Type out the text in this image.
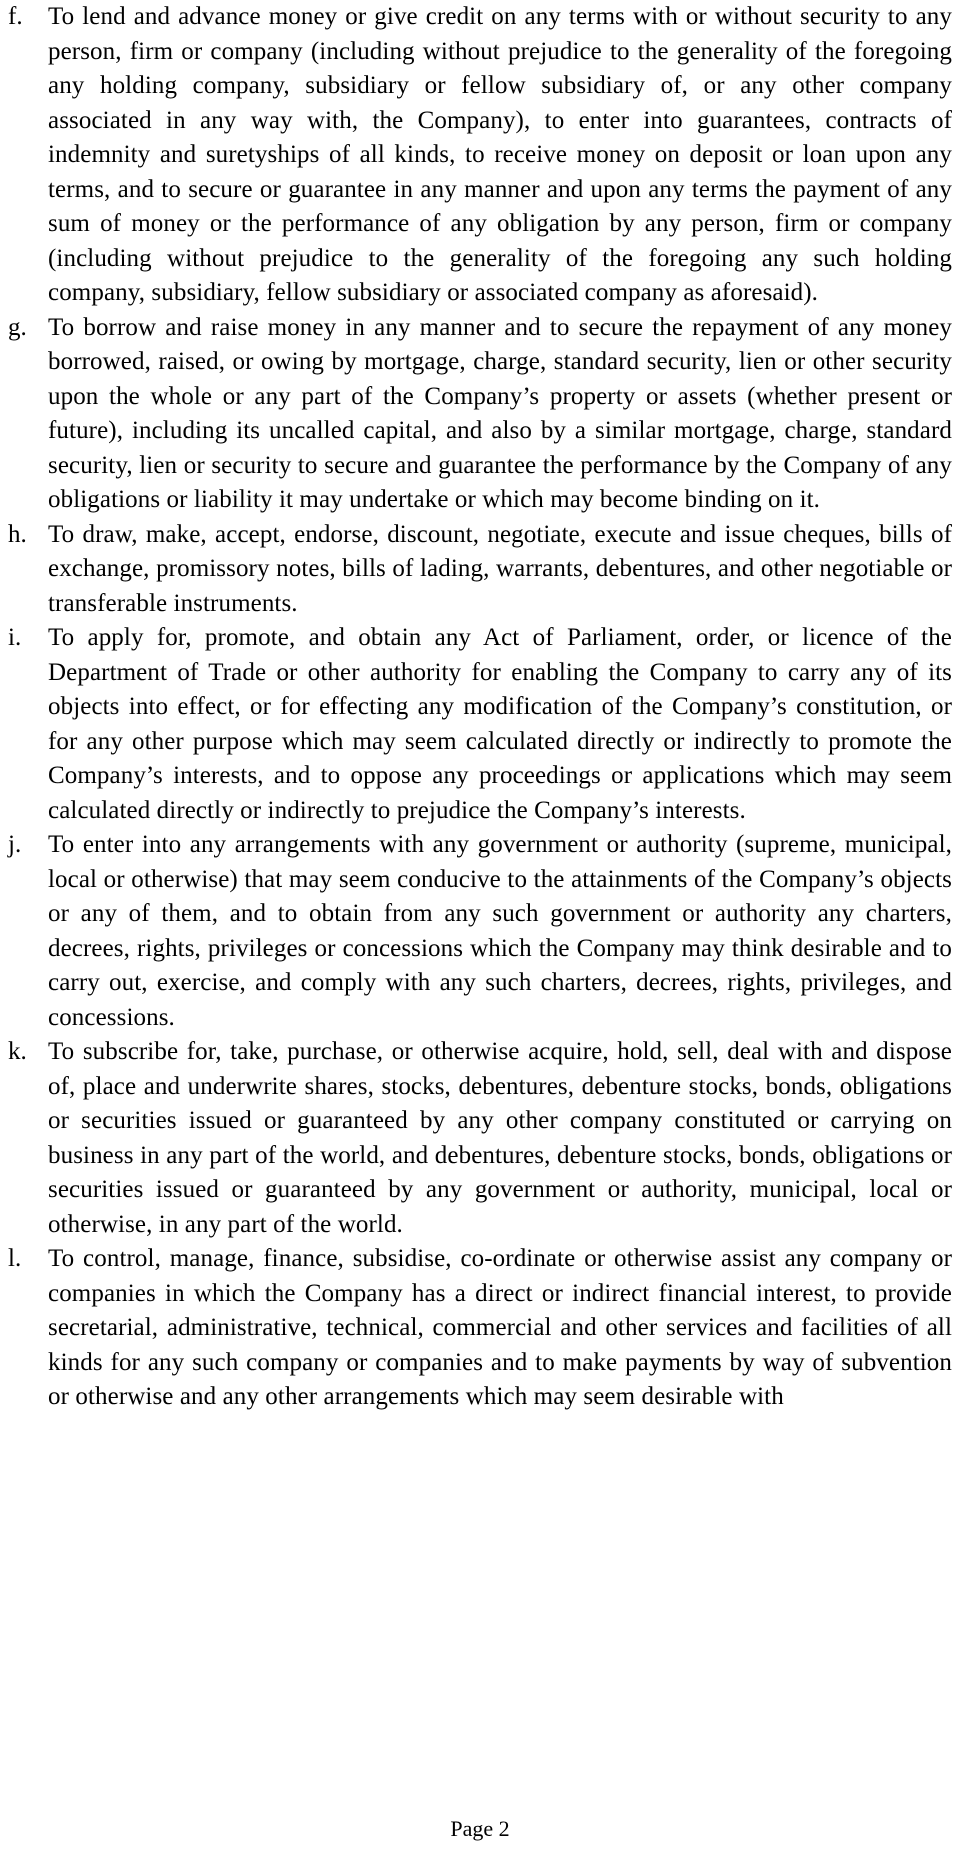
f.	To lend and advance money or give credit on any terms with or without security to any person, firm or company (including without prejudice to the generality of the foregoing any holding company, subsidiary or fellow subsidiary of, or any other company associated in any way with, the Company), to enter into guarantees, contracts of indemnity and suretyships of all kinds, to receive money on deposit or loan upon any terms, and to secure or guarantee in any manner and upon any terms the payment of any sum of money or the performance of any obligation by any person, firm or company (including without prejudice to the generality of the foregoing any such holding company, subsidiary, fellow subsidiary or associated company as aforesaid).
g. To borrow and raise money in any manner and to secure the repayment of any money borrowed, raised, or owing by mortgage, charge, standard security, lien or other security upon the whole or any part of the Company’s property or assets (whether present or future), including its uncalled capital, and also by a similar mortgage, charge, standard security, lien or security to secure and guarantee the performance by the Company of any obligations or liability it may undertake or which may become binding on it.
h. To draw, make, accept, endorse, discount, negotiate, execute and issue cheques, bills of exchange, promissory notes, bills of lading, warrants, debentures, and other negotiable or transferable instruments.
i.	To apply for, promote, and obtain any Act of Parliament, order, or licence of the Department of Trade or other authority for enabling the Company to carry any of its objects into effect, or for effecting any modification of the Company’s constitution, or for any other purpose which may seem calculated directly or indirectly to promote the Company’s interests, and to oppose any proceedings or applications which may seem calculated directly or indirectly to prejudice the Company’s interests.
j.	To enter into any arrangements with any government or authority (supreme, municipal, local or otherwise) that may seem conducive to the attainments of the Company’s objects or any of them, and to obtain from any such government or authority any charters, decrees, rights, privileges or concessions which the Company may think desirable and to carry out, exercise, and comply with any such charters, decrees, rights, privileges, and concessions.
k. To subscribe for, take, purchase, or otherwise acquire, hold, sell, deal with and dispose of, place and underwrite shares, stocks, debentures, debenture stocks, bonds, obligations or securities issued or guaranteed by any other company constituted or carrying on business in any part of the world, and debentures, debenture stocks, bonds, obligations or securities issued or guaranteed by any government or authority, municipal, local or otherwise, in any part of the world.
l.	To control, manage, finance, subsidise, co-ordinate or otherwise assist any company or companies in which the Company has a direct or indirect financial interest, to provide secretarial, administrative, technical, commercial and other services and facilities of all kinds for any such company or companies and to make payments by way of subvention or otherwise and any other arrangements which may seem desirable with
Page 2
